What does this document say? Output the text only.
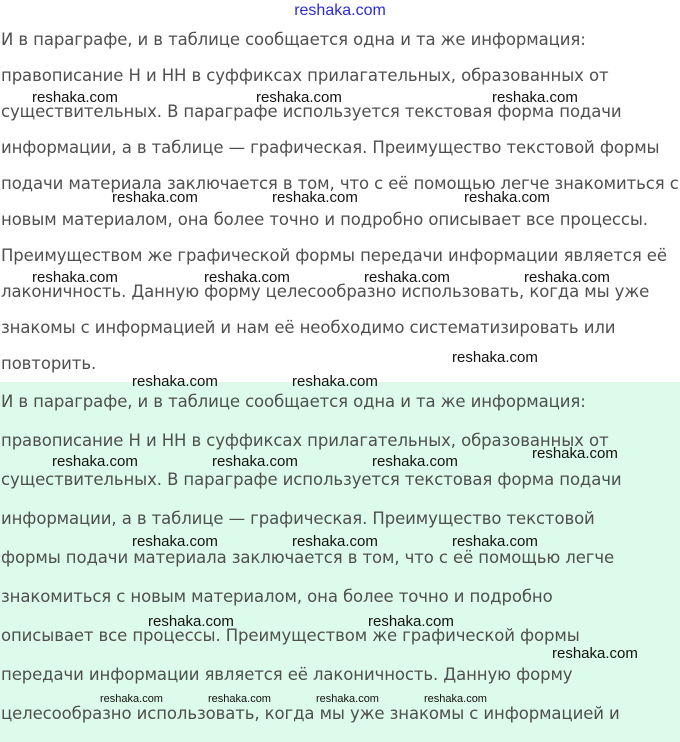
reshaka.com
И в параграфе, и в таблице сообщается одна и та же информация:
правописание Н и НН в суффиксах прилагательных, образованных от
существительных. В параграфе используется текстовая форма подачи
информации, а в таблице — графическая. Преимущество текстовой формы
подачи материала заключается в том, что с её помощью легче знакомиться с
новым материалом, она более точно и подробно описывает все процессы.
Преимуществом же графической формы передачи информации является её
лаконичность. Данную форму целесообразно использовать, когда мы уже
знакомы с информацией и нам её необходимо систематизировать или
повторить.
И в параграфе, и в таблице сообщается одна и та же информация:
правописание Н и НН в суффиксах прилагательных, образованных от
существительных. В параграфе используется текстовая форма подачи
информации, а в таблице — графическая. Преимущество текстовой
формы подачи материала заключается в том, что с её помощью легче
знакомиться с новым материалом, она более точно и подробно
описывает все процессы. Преимуществом же графической формы
передачи информации является её лаконичность. Данную форму
целесообразно использовать, когда мы уже знакомы с информацией и
reshaka.com	reshaka.com	reshaka.com
reshaka.com	reshaka.com	reshaka.com
reshaka.com	reshaka.com	reshaka.com	reshaka.com
reshaka.com
reshaka.com	reshaka.com
reshaka.com
reshaka.com	reshaka.com	reshaka.com
reshaka.com	reshaka.com	reshaka.com
reshaka.com	reshaka.com
reshaka.com
reshaka.com	reshaka.com	reshaka.com	reshaka.com
